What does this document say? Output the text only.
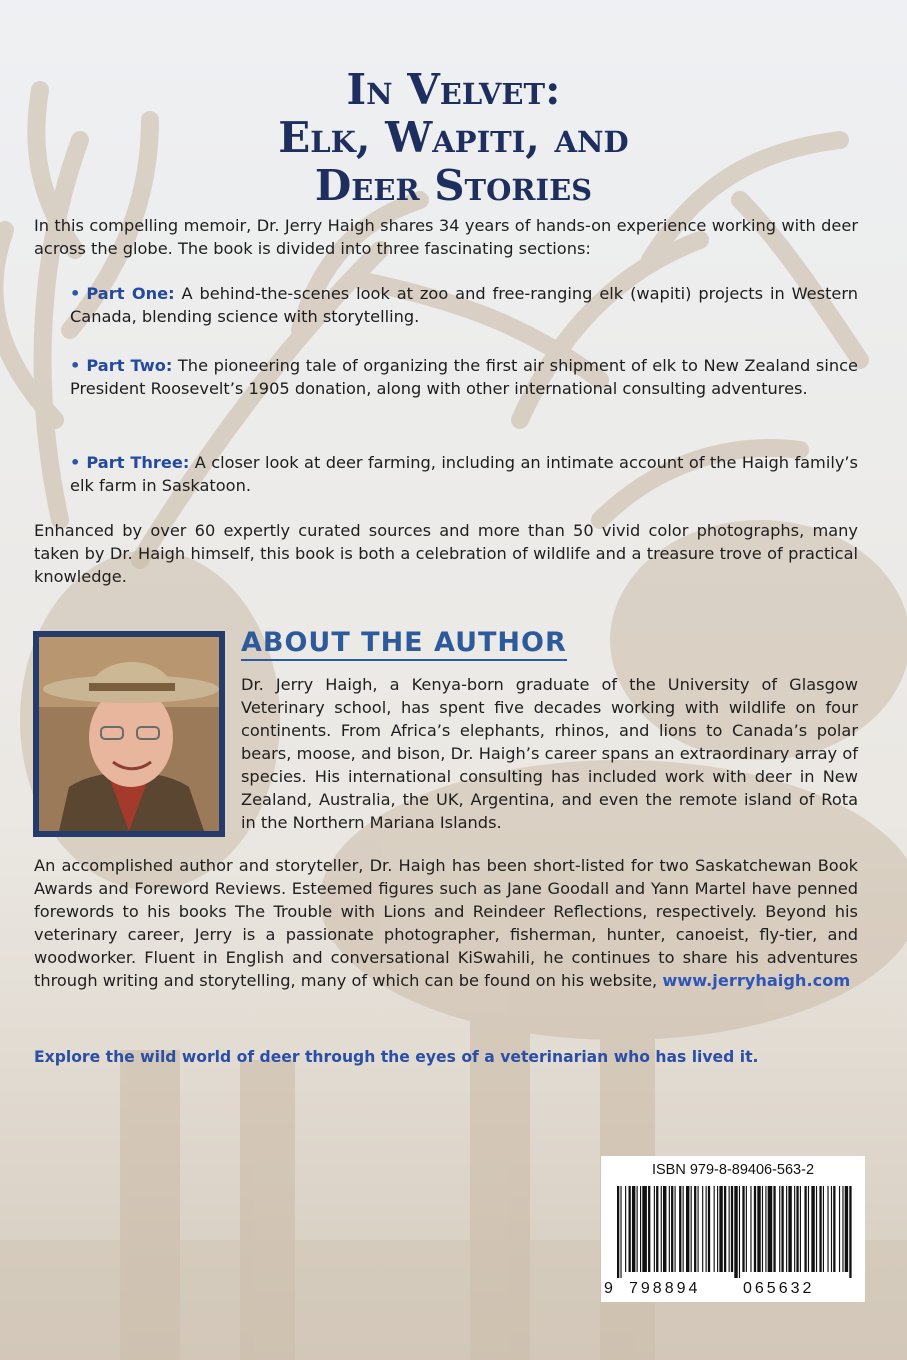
In Velvet:
Elk, Wapiti, and
Deer Stories
In this compelling memoir, Dr. Jerry Haigh shares 34 years of hands-on experience working with deer across the globe. The book is divided into three fascinating sections:
• Part One: A behind-the-scenes look at zoo and free-ranging elk (wapiti) projects in Western Canada, blending science with storytelling.
• Part Two: The pioneering tale of organizing the first air shipment of elk to New Zealand since President Roosevelt’s 1905 donation, along with other international consulting adventures.
• Part Three: A closer look at deer farming, including an intimate account of the Haigh family’s elk farm in Saskatoon.
Enhanced by over 60 expertly curated sources and more than 50 vivid color photographs, many taken by Dr. Haigh himself, this book is both a celebration of wildlife and a treasure trove of practical knowledge.
ABOUT THE AUTHOR
Dr. Jerry Haigh, a Kenya-born graduate of the University of Glasgow Veterinary school, has spent five decades working with wildlife on four continents. From Africa’s elephants, rhinos, and lions to Canada’s polar bears, moose, and bison, Dr. Haigh’s career spans an extraordinary array of species. His international consulting has included work with deer in New Zealand, Australia, the UK, Argentina, and even the remote island of Rota in the Northern Mariana Islands.
An accomplished author and storyteller, Dr. Haigh has been short-listed for two Saskatchewan Book Awards and Foreword Reviews. Esteemed figures such as Jane Goodall and Yann Martel have penned forewords to his books The Trouble with Lions and Reindeer Reflections, respectively. Beyond his veterinary career, Jerry is a passionate photographer, fisherman, hunter, canoeist, fly-tier, and woodworker. Fluent in English and conversational KiSwahili, he continues to share his adventures through writing and storytelling, many of which can be found on his website, www.jerryhaigh.com
Explore the wild world of deer through the eyes of a veterinarian who has lived it.
ISBN 979-8-89406-563-2
9 798894	065632
